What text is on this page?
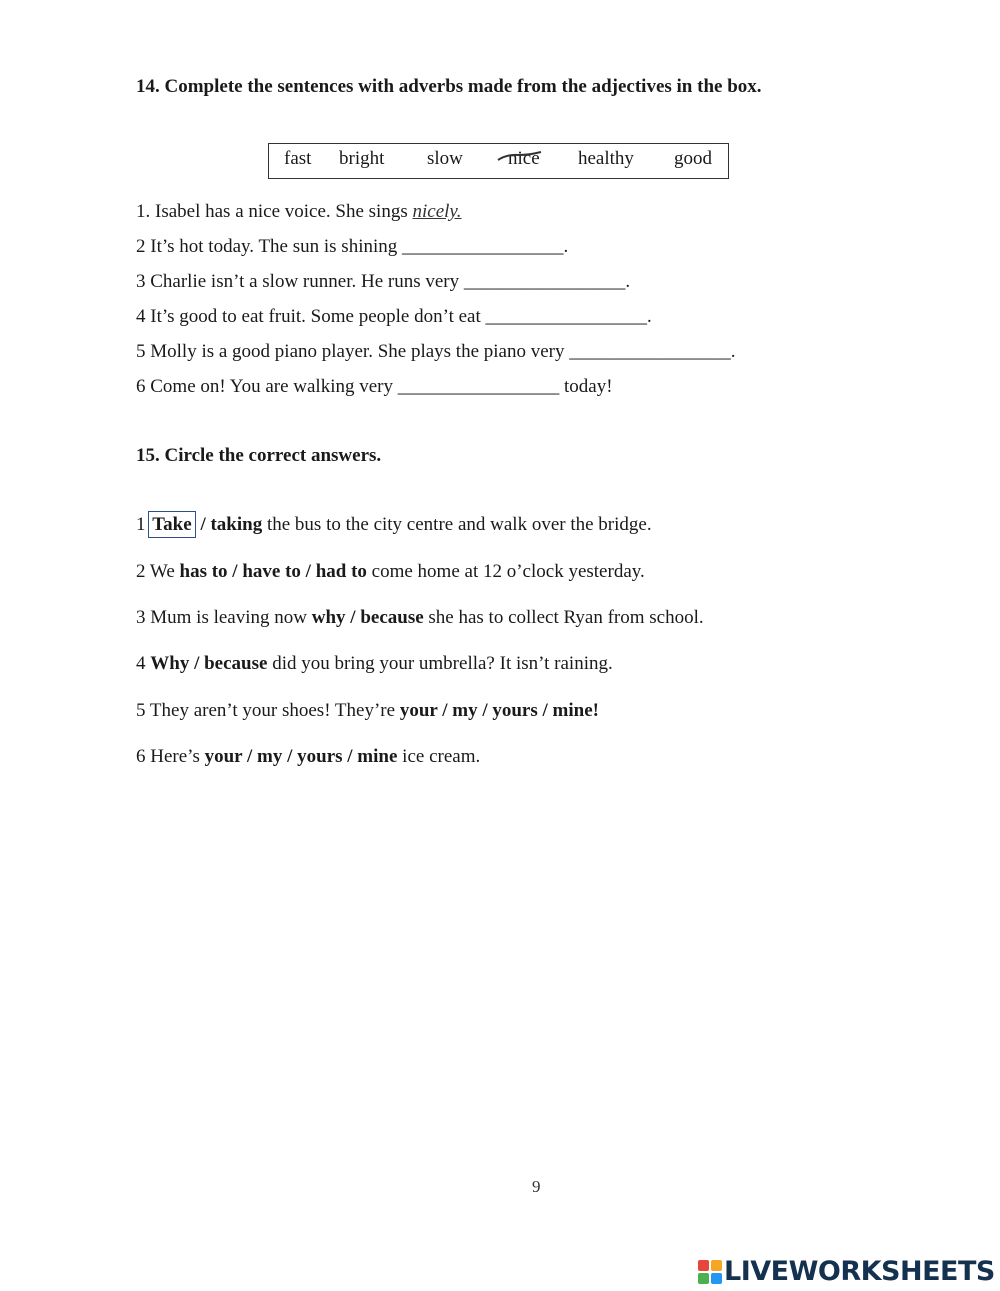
14. Complete the sentences with adverbs made from the adjectives in the box.
fast bright slow nice healthy good
1. Isabel has a nice voice. She sings nicely.
2 It’s hot today. The sun is shining _________________.
3 Charlie isn’t a slow runner. He runs very _________________.
4 It’s good to eat fruit. Some people don’t eat _________________.
5 Molly is a good piano player. She plays the piano very _________________.
6 Come on! You are walking very _________________ today!
15. Circle the correct answers.
1 Take / taking the bus to the city centre and walk over the bridge.
2 We has to / have to / had to come home at 12 o’clock yesterday.
3 Mum is leaving now why / because she has to collect Ryan from school.
4 Why / because did you bring your umbrella? It isn’t raining.
5 They aren’t your shoes! They’re your / my / yours / mine!
6 Here’s your / my / yours / mine ice cream.
9
LIVEWORKSHEETS
